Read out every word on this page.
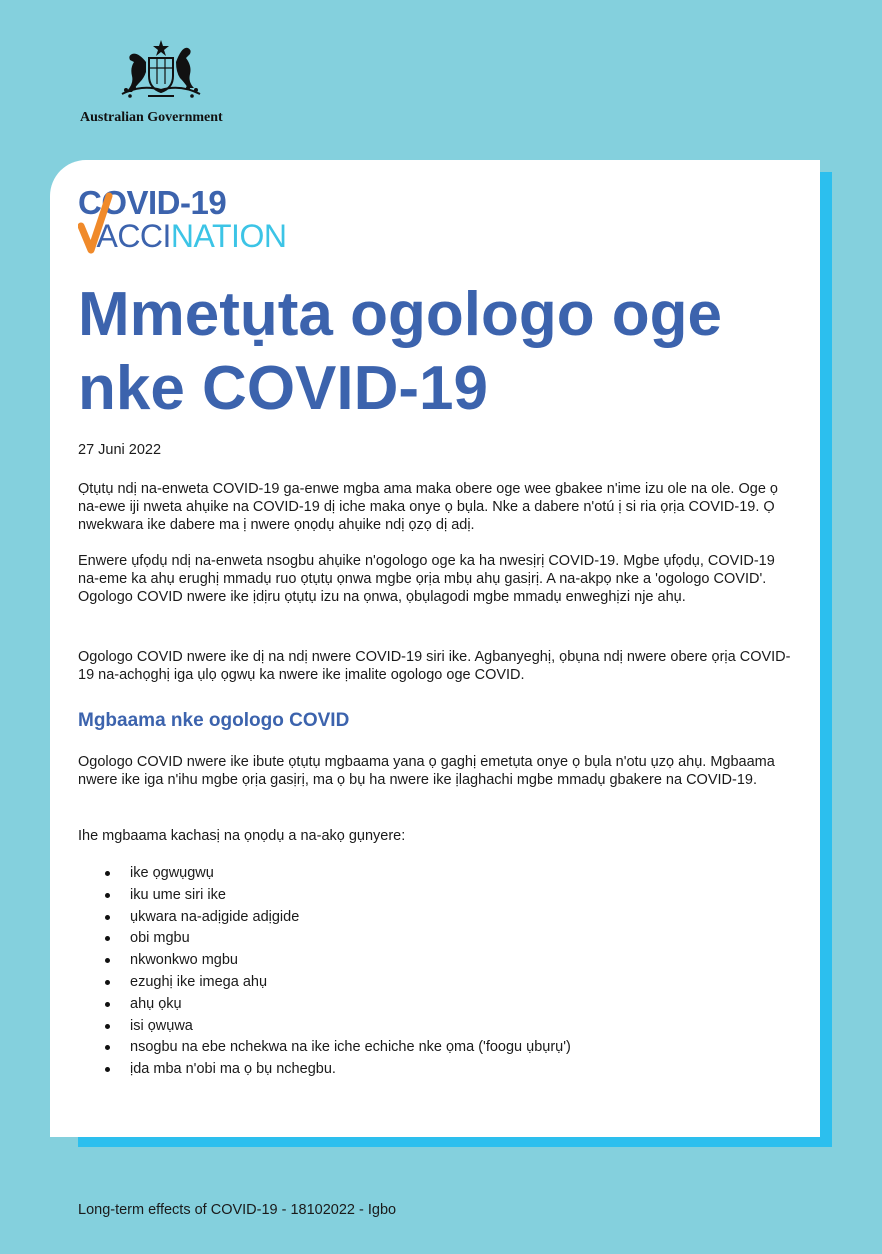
Australian Government
COVID-19
ACCINATION
Mmetụta ogologo oge nke COVID-19
27 Juni 2022

Ọtụtụ ndị na-enweta COVID-19 ga-enwe mgba ama maka obere oge wee gbakee n'ime izu ole na ole. Oge ọ na-ewe iji nweta ahụike na COVID-19 dị iche maka onye ọ bụla. Nke a dabere n'otú ị si ria ọrịa COVID-19. Ọ nwekwara ike dabere ma ị nwere ọnọdụ ahụike ndị ọzọ dị adị.

Enwere ụfọdụ ndị na-enweta nsogbu ahụike n'ogologo oge ka ha nwesịrị COVID-19. Mgbe ụfọdụ, COVID-19 na-eme ka ahụ erughị mmadụ ruo ọtụtụ ọnwa mgbe ọrịa mbụ ahụ gasịrị. A na-akpọ nke a 'ogologo COVID'. Ogologo COVID nwere ike ịdịru ọtụtụ izu na ọnwa, ọbụlagodi mgbe mmadụ enweghịzi nje ahụ.

Ogologo COVID nwere ike dị na ndị nwere COVID-19 siri ike. Agbanyeghị, ọbụna ndị nwere obere ọrịa COVID-19 na-achọghị iga ụlọ ọgwụ ka nwere ike ịmalite ogologo oge COVID.

Mgbaama nke ogologo COVID

Ogologo COVID nwere ike ibute ọtụtụ mgbaama yana ọ gaghị emetụta onye ọ bụla n'otu ụzọ ahụ. Mgbaama nwere ike iga n'ihu mgbe ọrịa gasịrị, ma ọ bụ ha nwere ike ịlaghachi mgbe mmadụ gbakere na COVID-19.

Ihe mgbaama kachasị na ọnọdụ a na-akọ gụnyere:

ike ọgwụgwụ
iku ume siri ike
ụkwara na-adịgide adịgide
obi mgbu
nkwonkwo mgbu
ezughị ike imega ahụ
ahụ ọkụ
isi ọwụwa
nsogbu na ebe nchekwa na ike iche echiche nke ọma ('foogu ụbụrụ')
ịda mba n'obi ma ọ bụ nchegbu.
Long-term effects of COVID-19 - 18102022 - Igbo
